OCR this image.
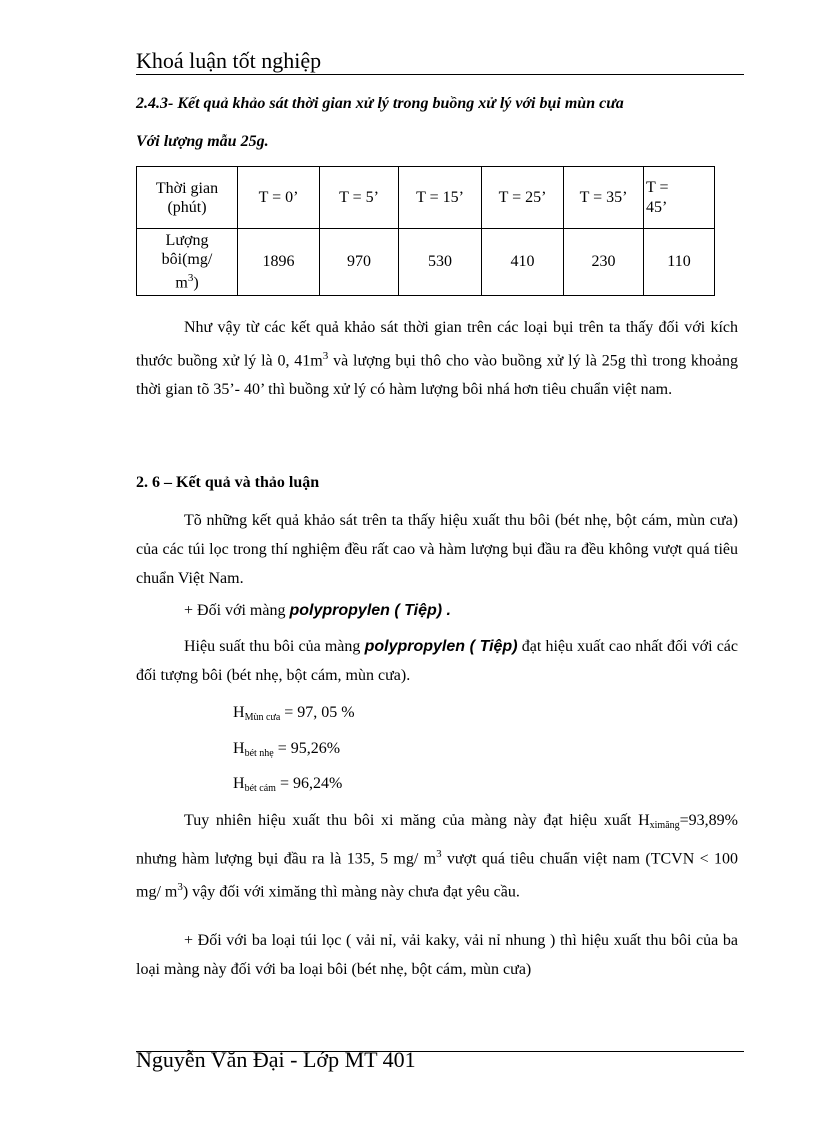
Khoá luận tốt nghiệp
2.4.3- Kết quả khảo sát thời gian xử lý trong buồng xử lý với bụi mùn cưa
Với lượng mẫu 25g.
Thời gian
(phút)	T = 0’	T = 5’	T = 15’	T = 25’	T = 35’	T =
45’
Lượng
bôi(mg/
$m^3$)	1896	970	530	410	230	110
Như vậy từ các kết quả khảo sát thời gian trên các loại bụi trên ta thấy đối với kích thước buồng xử lý là 0, $41m^3$ và lượng bụi thô cho vào buồng xử lý là 25g thì trong khoảng thời gian tõ 35’- 40’ thì buồng xử lý có hàm lượng bôi nhá hơn tiêu chuẩn việt nam.
2. 6 – Kết quả và thảo luận
Tõ những kết quả khảo sát trên ta thấy hiệu xuất thu bôi (bét nhẹ, bột cám, mùn cưa) của các túi lọc trong thí nghiệm đều rất cao và hàm lượng bụi đầu ra đều không vượt quá tiêu chuẩn Việt Nam.
+ Đối với màng polypropylen ( Tiệp) .
Hiệu suất thu bôi của màng polypropylen ( Tiệp) đạt hiệu xuất cao nhất đối với các đối tượng bôi (bét nhẹ, bột cám, mùn cưa).
$H_{Mùn cưa} = 97$, 05 %
$H_{bét nhẹ} = 95,26\%$
$H_{bét cám} = 96,24\%$
Tuy nhiên hiệu xuất thu bôi xi măng của màng này đạt hiệu xuất $H_{ximăng}=93,89\%$ nhưng hàm lượng bụi đầu ra là 135, 5 mg/ $m^3$ vượt quá tiêu chuẩn việt nam (TCVN < 100 mg/ $m^3$) vậy đối với ximăng thì màng này chưa đạt yêu cầu.
+ Đối với ba loại túi lọc ( vải nỉ, vải kaky, vải nỉ nhung ) thì hiệu xuất thu bôi của ba loại màng này đối với ba loại bôi (bét nhẹ, bột cám, mùn cưa)
Nguyễn Văn Đại - Lớp MT 401
